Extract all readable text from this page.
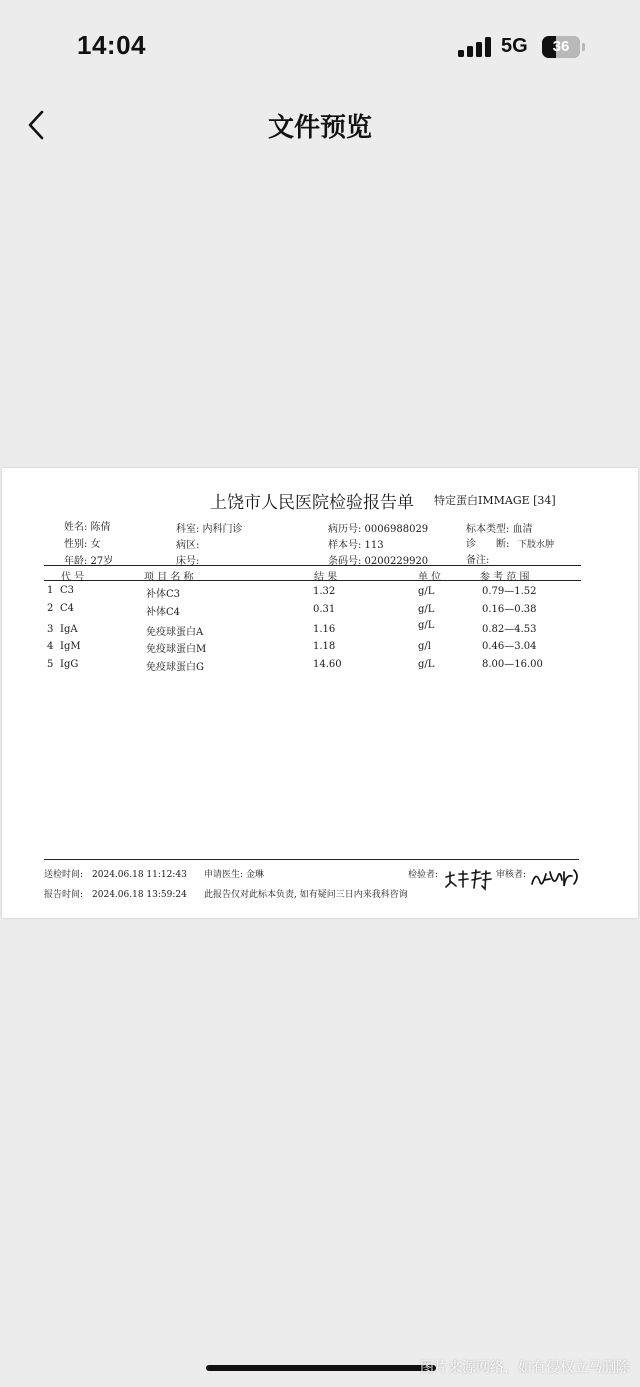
14:04	5G	36
文件预览
上饶市人民医院检验报告单 特定蛋白IMMAGE [34]
姓名: 陈倩
性别: 女
年龄: 27岁
科室: 内科门诊
病区:
床号:
病历号: 0006988029
样本号: 113
条码号: 0200229920
标本类型: 血清
诊　　断: 下肢水肿
备注:
代 号	项 目 名 称	结 果	单 位	参 考 范 围
1 C3	补体C3	1.32	g/L	0.79—1.52
2 C4	补体C4	0.31	g/L	0.16—0.38
3 IgA	免疫球蛋白A	1.16	g/L	0.82—4.53
4 IgM	免疫球蛋白M	1.18	g/l	0.46—3.04
5 IgG	免疫球蛋白G	14.60	g/L	8.00—16.00
送检时间:　2024.06.18 11:12:43 申请医生: 金琳
报告时间:　2024.06.18 13:59:24 此报告仅对此标本负责, 如有疑问三日内来我科咨询
检验者:	审核者:
图片来源网络，如有侵权立马删除
